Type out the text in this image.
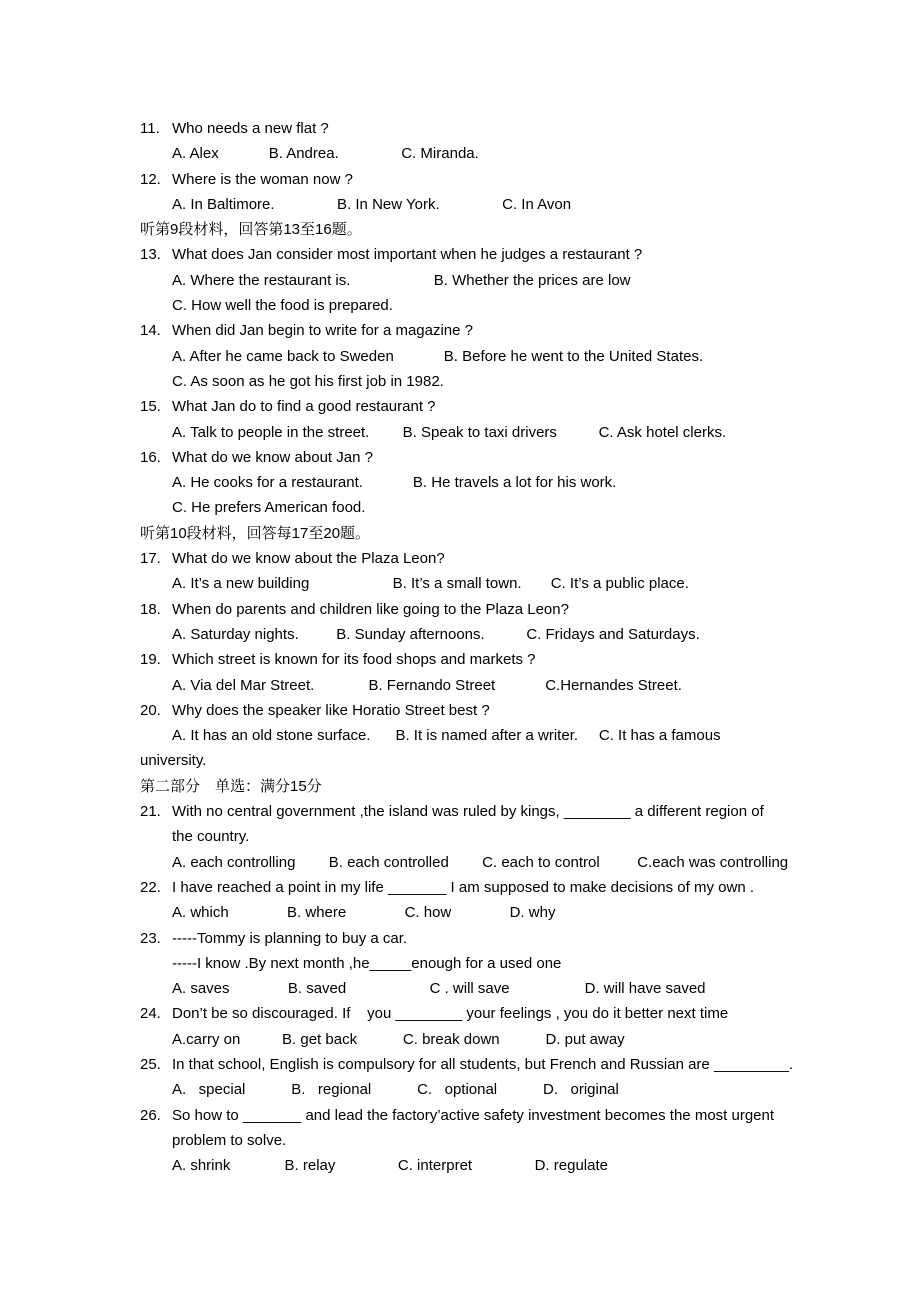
11. Who needs a new flat ?
A. Alex            B. Andrea.               C. Miranda.
12. Where is the woman now ?
A. In Baltimore.               B. In New York.               C. In Avon
听第9段材料，回答第13至16题。
13. What does Jan consider most important when he judges a restaurant ?
A. Where the restaurant is.                    B. Whether the prices are low
C. How well the food is prepared.
14. When did Jan begin to write for a magazine ?
A. After he came back to Sweden            B. Before he went to the United States.
C. As soon as he got his first job in 1982.
15. What Jan do to find a good restaurant ?
A. Talk to people in the street.        B. Speak to taxi drivers          C. Ask hotel clerks.
16. What do we know about Jan ?
A. He cooks for a restaurant.            B. He travels a lot for his work.
C. He prefers American food.
听第10段材料，回答每17至20题。
17. What do we know about the Plaza Leon?
A. It’s a new building                    B. It’s a small town.       C. It’s a public place.
18. When do parents and children like going to the Plaza Leon?
A. Saturday nights.         B. Sunday afternoons.          C. Fridays and Saturdays.
19. Which street is known for its food shops and markets ?
A. Via del Mar Street.             B. Fernando Street            C.Hernandes Street.
20. Why does the speaker like Horatio Street best ?
A. It has an old stone surface.      B. It is named after a writer.     C. It has a famous
university.
第二部分　单选：满分15分
21. With no central government ,the island was ruled by kings, ________ a different region of
the country.
A. each controlling        B. each controlled        C. each to control         C.each was controlling
22. I have reached a point in my life _______ I am supposed to make decisions of my own .
A. which              B. where              C. how              D. why
23. -----Tommy is planning to buy a car.
-----I know .By next month ,he_____enough for a used one
A. saves              B. saved                    C . will save                  D. will have saved
24. Don’t be so discouraged. If    you ________ your feelings , you do it better next time
A.carry on          B. get back           C. break down           D. put away
25. In that school, English is compulsory for all students, but French and Russian are _________.
A.   special           B.   regional           C.   optional           D.   original
26. So how to _______ and lead the factory’active safety investment becomes the most urgent
problem to solve.
A. shrink             B. relay               C. interpret               D. regulate
